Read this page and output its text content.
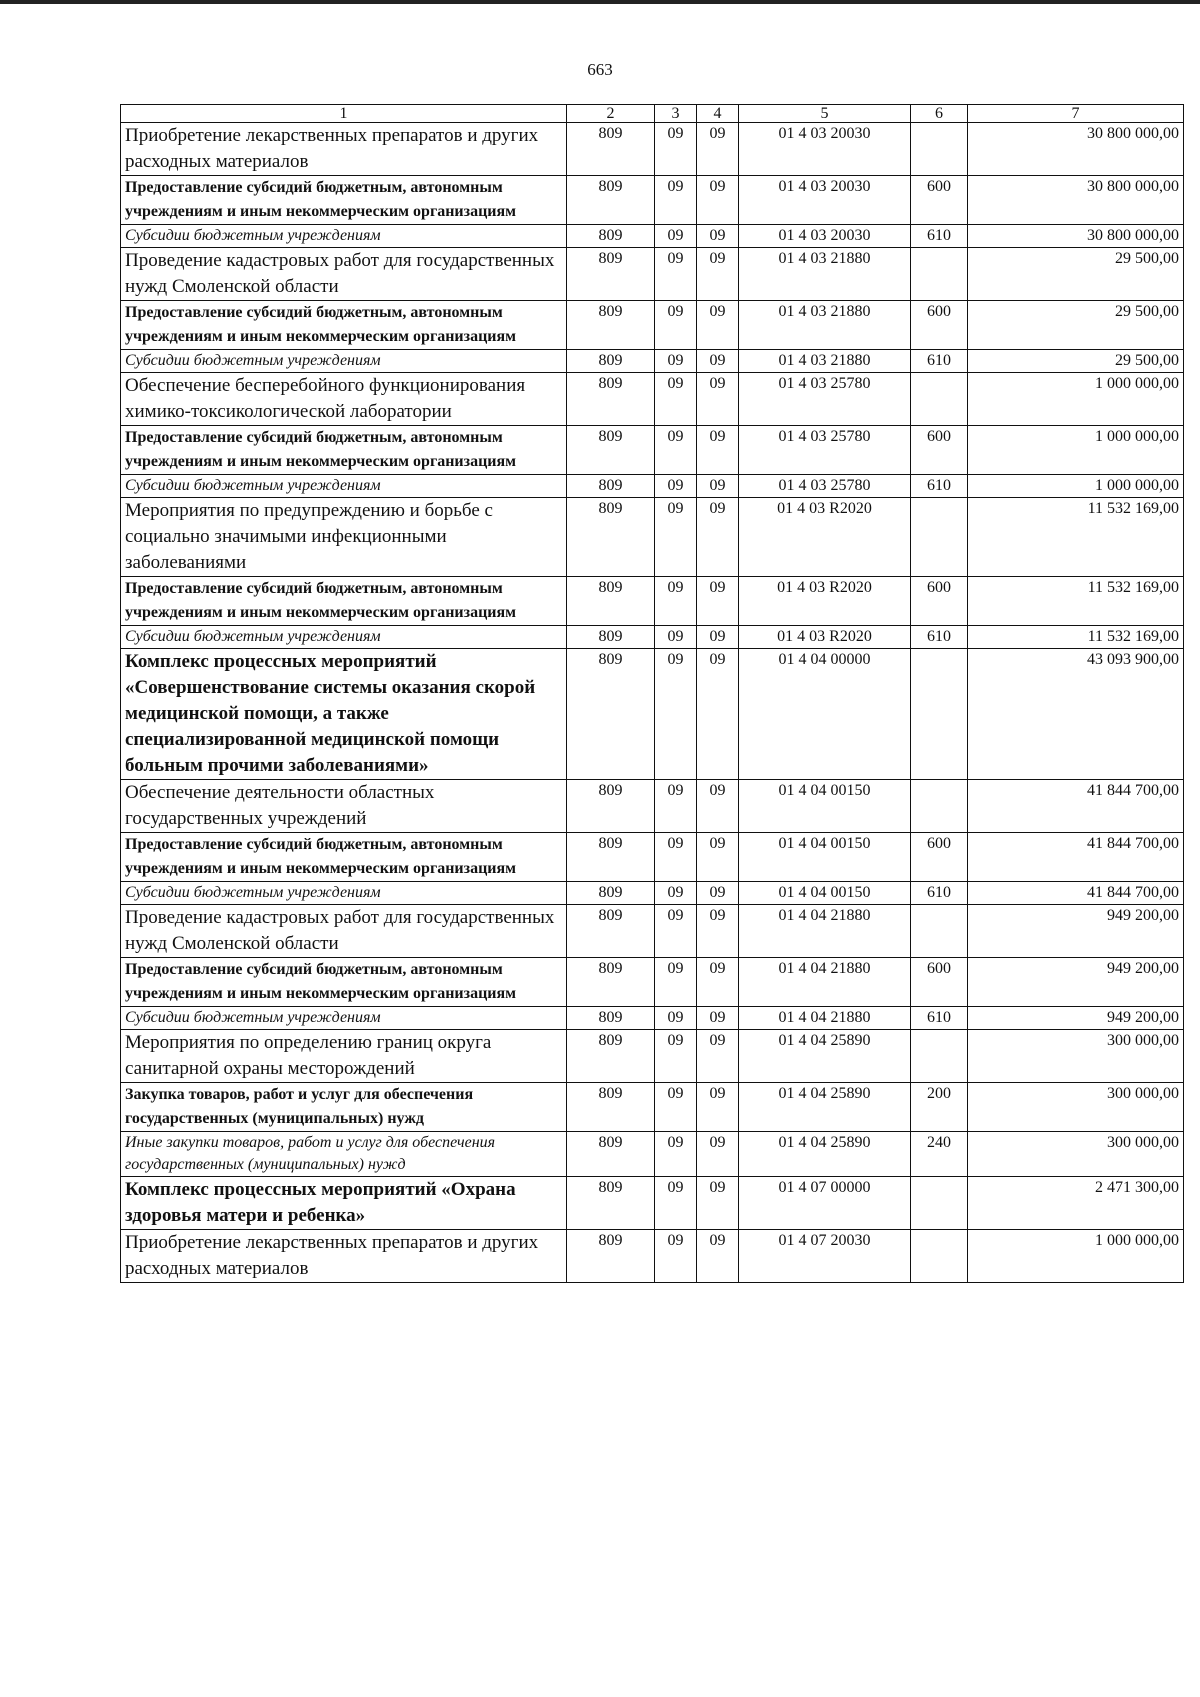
663
1	2	3	4	5	6	7
Приобретение лекарственных препаратов и других расходных материалов	809	09	09	01 4 03 20030		30 800 000,00
Предоставление субсидий бюджетным, автономным учреждениям и иным некоммерческим организациям	809	09	09	01 4 03 20030	600	30 800 000,00
Субсидии бюджетным учреждениям	809	09	09	01 4 03 20030	610	30 800 000,00
Проведение кадастровых работ для государственных нужд Смоленской области	809	09	09	01 4 03 21880		29 500,00
Предоставление субсидий бюджетным, автономным учреждениям и иным некоммерческим организациям	809	09	09	01 4 03 21880	600	29 500,00
Субсидии бюджетным учреждениям	809	09	09	01 4 03 21880	610	29 500,00
Обеспечение бесперебойного функционирования химико-токсикологической лаборатории	809	09	09	01 4 03 25780		1 000 000,00
Предоставление субсидий бюджетным, автономным учреждениям и иным некоммерческим организациям	809	09	09	01 4 03 25780	600	1 000 000,00
Субсидии бюджетным учреждениям	809	09	09	01 4 03 25780	610	1 000 000,00
Мероприятия по предупреждению и борьбе с социально значимыми инфекционными заболеваниями	809	09	09	01 4 03 R2020		11 532 169,00
Предоставление субсидий бюджетным, автономным учреждениям и иным некоммерческим организациям	809	09	09	01 4 03 R2020	600	11 532 169,00
Субсидии бюджетным учреждениям	809	09	09	01 4 03 R2020	610	11 532 169,00
Комплекс процессных мероприятий «Совершенствование системы оказания скорой медицинской помощи, а также специализированной медицинской помощи больным прочими заболеваниями»	809	09	09	01 4 04 00000		43 093 900,00
Обеспечение деятельности областных государственных учреждений	809	09	09	01 4 04 00150		41 844 700,00
Предоставление субсидий бюджетным, автономным учреждениям и иным некоммерческим организациям	809	09	09	01 4 04 00150	600	41 844 700,00
Субсидии бюджетным учреждениям	809	09	09	01 4 04 00150	610	41 844 700,00
Проведение кадастровых работ для государственных нужд Смоленской области	809	09	09	01 4 04 21880		949 200,00
Предоставление субсидий бюджетным, автономным учреждениям и иным некоммерческим организациям	809	09	09	01 4 04 21880	600	949 200,00
Субсидии бюджетным учреждениям	809	09	09	01 4 04 21880	610	949 200,00
Мероприятия по определению границ округа санитарной охраны месторождений	809	09	09	01 4 04 25890		300 000,00
Закупка товаров, работ и услуг для обеспечения государственных (муниципальных) нужд	809	09	09	01 4 04 25890	200	300 000,00
Иные закупки товаров, работ и услуг для обеспечения государственных (муниципальных) нужд	809	09	09	01 4 04 25890	240	300 000,00
Комплекс процессных мероприятий «Охрана здоровья матери и ребенка»	809	09	09	01 4 07 00000		2 471 300,00
Приобретение лекарственных препаратов и других расходных материалов	809	09	09	01 4 07 20030		1 000 000,00
